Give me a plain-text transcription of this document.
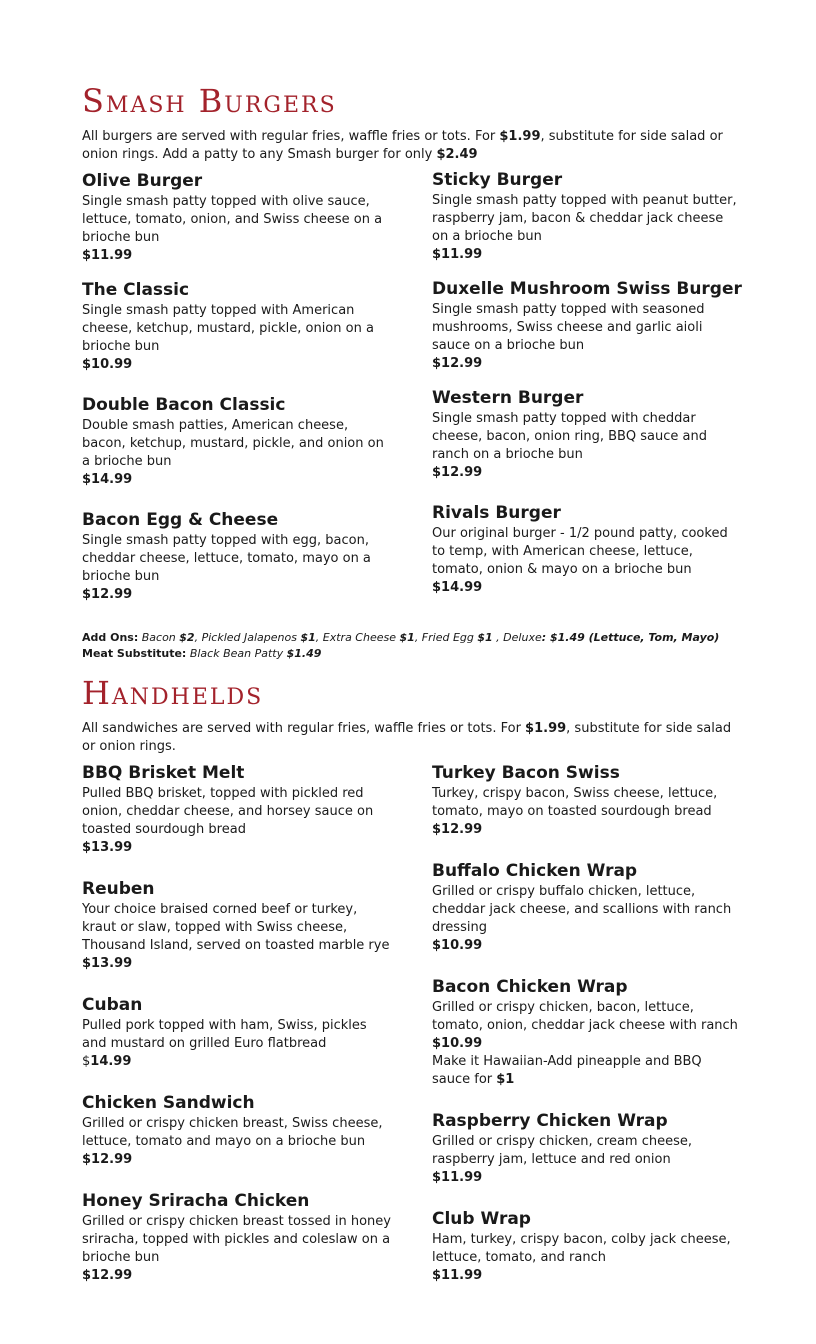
Smash Burgers

All burgers are served with regular fries, waffle fries or tots. For $1.99, substitute for side salad or onion rings. Add a patty to any Smash burger for only $2.49

Olive Burger

Single smash patty topped with olive sauce, lettuce, tomato, onion, and Swiss cheese on a brioche bun

$11.99

The Classic

Single smash patty topped with American cheese, ketchup, mustard, pickle, onion on a brioche bun

$10.99

Double Bacon Classic

Double smash patties, American cheese, bacon, ketchup, mustard, pickle, and onion on a brioche bun

$14.99

Bacon Egg & Cheese

Single smash patty topped with egg, bacon, cheddar cheese, lettuce, tomato, mayo on a brioche bun

$12.99

Sticky Burger

Single smash patty topped with peanut butter, raspberry jam, bacon & cheddar jack cheese on a brioche bun

$11.99

Duxelle Mushroom Swiss Burger

Single smash patty topped with seasoned mushrooms, Swiss cheese and garlic aioli sauce on a brioche bun

$12.99

Western Burger

Single smash patty topped with cheddar cheese, bacon, onion ring, BBQ sauce and ranch on a brioche bun

$12.99

Rivals Burger

Our original burger - 1/2 pound patty, cooked to temp, with American cheese, lettuce, tomato, onion & mayo on a brioche bun

$14.99

Add Ons: Bacon $2, Pickled Jalapenos $1, Extra Cheese $1, Fried Egg $1 , Deluxe: $1.49 (Lettuce, Tom, Mayo)
Meat Substitute: Black Bean Patty $1.49
Handhelds

All sandwiches are served with regular fries, waffle fries or tots. For $1.99, substitute for side salad or onion rings.

BBQ Brisket Melt

Pulled BBQ brisket, topped with pickled red onion, cheddar cheese, and horsey sauce on toasted sourdough bread

$13.99

Reuben

Your choice braised corned beef or turkey, kraut or slaw, topped with Swiss cheese, Thousand Island, served on toasted marble rye

$13.99

Cuban

Pulled pork topped with ham, Swiss, pickles and mustard on grilled Euro flatbread

$14.99

Chicken Sandwich

Grilled or crispy chicken breast, Swiss cheese, lettuce, tomato and mayo on a brioche bun

$12.99

Honey Sriracha Chicken

Grilled or crispy chicken breast tossed in honey sriracha, topped with pickles and coleslaw on a brioche bun

$12.99

Turkey Bacon Swiss

Turkey, crispy bacon, Swiss cheese, lettuce, tomato, mayo on toasted sourdough bread

$12.99

Buffalo Chicken Wrap

Grilled or crispy buffalo chicken, lettuce, cheddar jack cheese, and scallions with ranch dressing

$10.99

Bacon Chicken Wrap

Grilled or crispy chicken, bacon, lettuce, tomato, onion, cheddar jack cheese with ranch

$10.99

Make it Hawaiian-Add pineapple and BBQ sauce for $1

Raspberry Chicken Wrap

Grilled or crispy chicken, cream cheese, raspberry jam, lettuce and red onion

$11.99

Club Wrap

Ham, turkey, crispy bacon, colby jack cheese, lettuce, tomato, and ranch

$11.99
